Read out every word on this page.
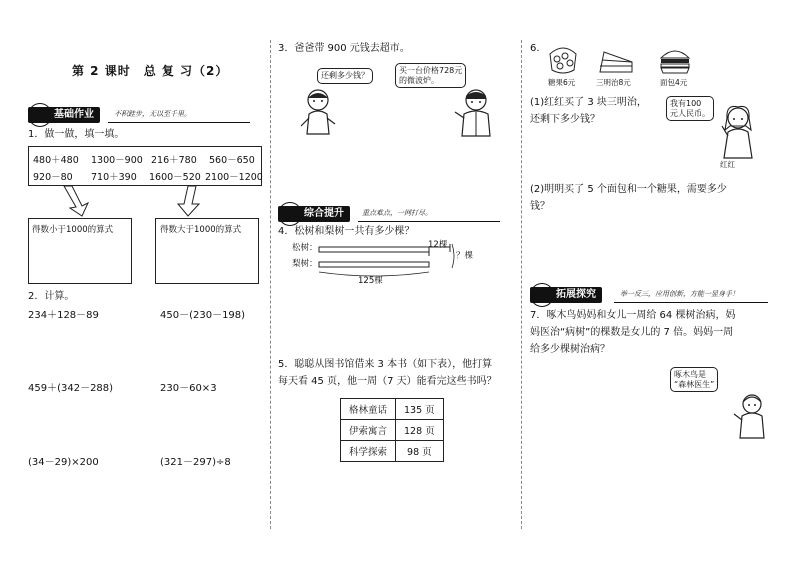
第 2 课时　总 复 习（2）
基础作业	不积跬步，无以至千里。
1．做一做，填一填。
480＋480 1300－900 216＋780 560－650
920－80 710＋390 1600－520 2100－1200
得数小于1000的算式	得数大于1000的算式
2．计算。
234＋128－89	450－(230－198)
459＋(342－288)	230－60×3
(34－29)×200	(321－297)÷8
3．爸爸带 900 元钱去超市。
还剩多少钱？
买一台价格728元
的微波炉。
综合提升	重点难点，一网打尽。
4．松树和梨树一共有多少棵？
松树：
梨树：
12棵
？棵
125棵
5．聪聪从图书馆借来 3 本书（如下表），他打算
每天看 45 页，他一周（7 天）能看完这些书吗？
格林童话	135 页
伊索寓言	128 页
科学探索	98 页
6.
糖果6元	三明治8元	面包4元
(1)红红买了 3 块三明治，
还剩下多少钱？
我有100
元人民币。
红红
(2)明明买了 5 个面包和一个糖果，需要多少
钱？
拓展探究	举一反三，应用创新，方能一显身手！
7．啄木鸟妈妈和女儿一周给 64 棵树治病，妈
妈医治“病树”的棵数是女儿的 7 倍。妈妈一周
给多少棵树治病？
啄木鸟是
“森林医生”
